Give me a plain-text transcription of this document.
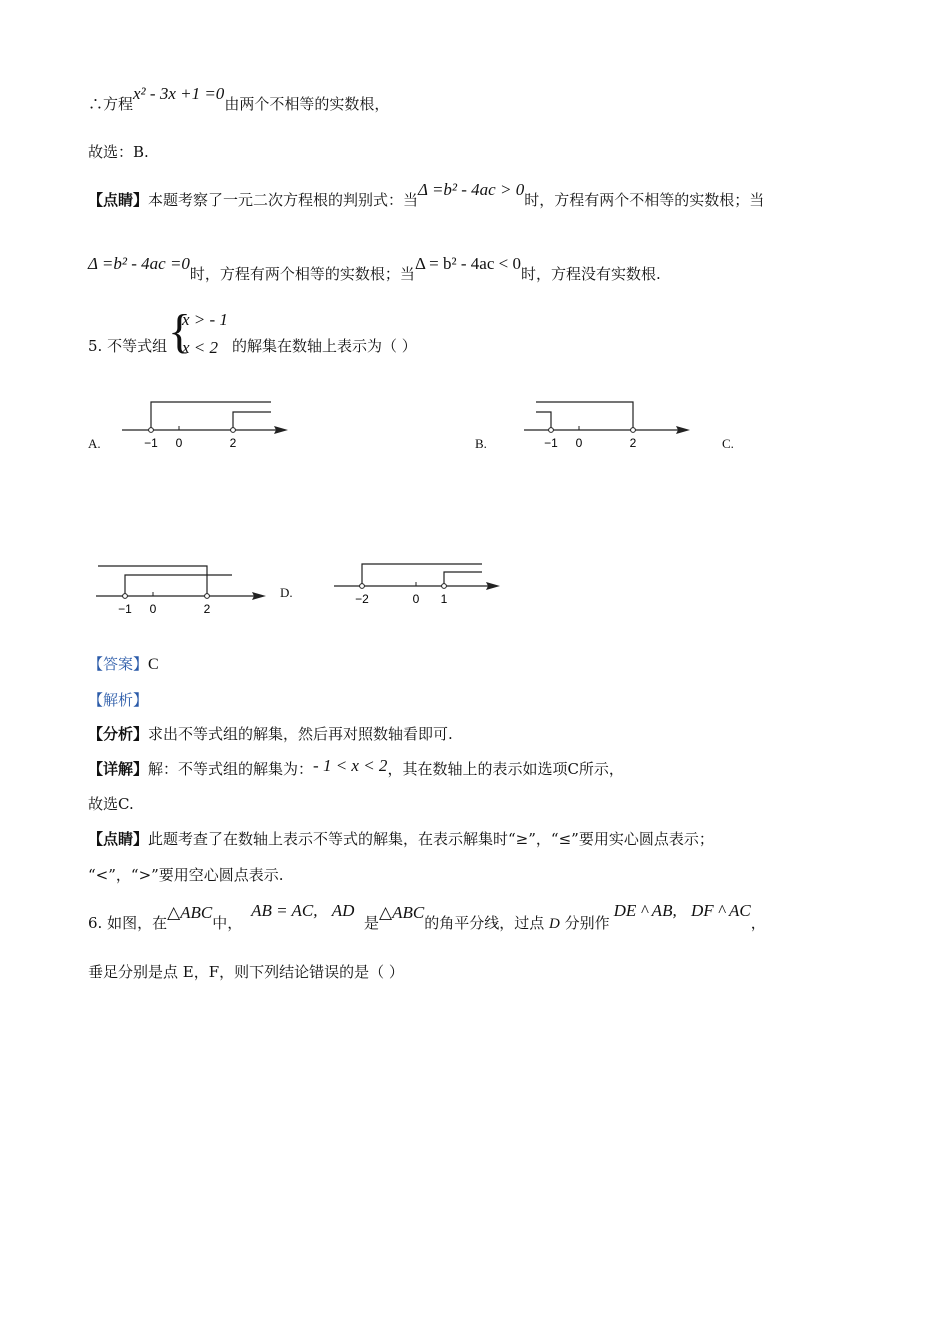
∴方程x² - 3x +1 =0由两个不相等的实数根，
故选：B.
【点睛】本题考察了一元二次方程根的判别式：当Δ =b² - 4ac > 0时，方程有两个不相等的实数根；当
Δ =b² - 4ac =0时，方程有两个相等的实数根；当Δ = b² - 4ac < 0时，方程没有实数根.
5. 不等式组 {
x > - 1
x < 2 的解集在数轴上表示为（ ）
A.	B.	C.
D.
−1 0	2	−1 0	2
−1 0	2
−2	0 1
【答案】C
【解析】
【分析】求出不等式组的解集，然后再对照数轴看即可.
【详解】解：不等式组的解集为：- 1 < x < 2，其在数轴上的表示如选项C所示，
故选C.
【点睛】此题考查了在数轴上表示不等式的解集，在表示解集时“≥”，“≤”要用实心圆点表示；
“<”，“>”要用空心圆点表示.
6. 如图，在△ABC中， AB = AC, AD  是△ABC的角平分线，过点 D 分别作DE ^ AB, DF ^ AC，
垂足分别是点 E，F，则下列结论错误的是（ ）
